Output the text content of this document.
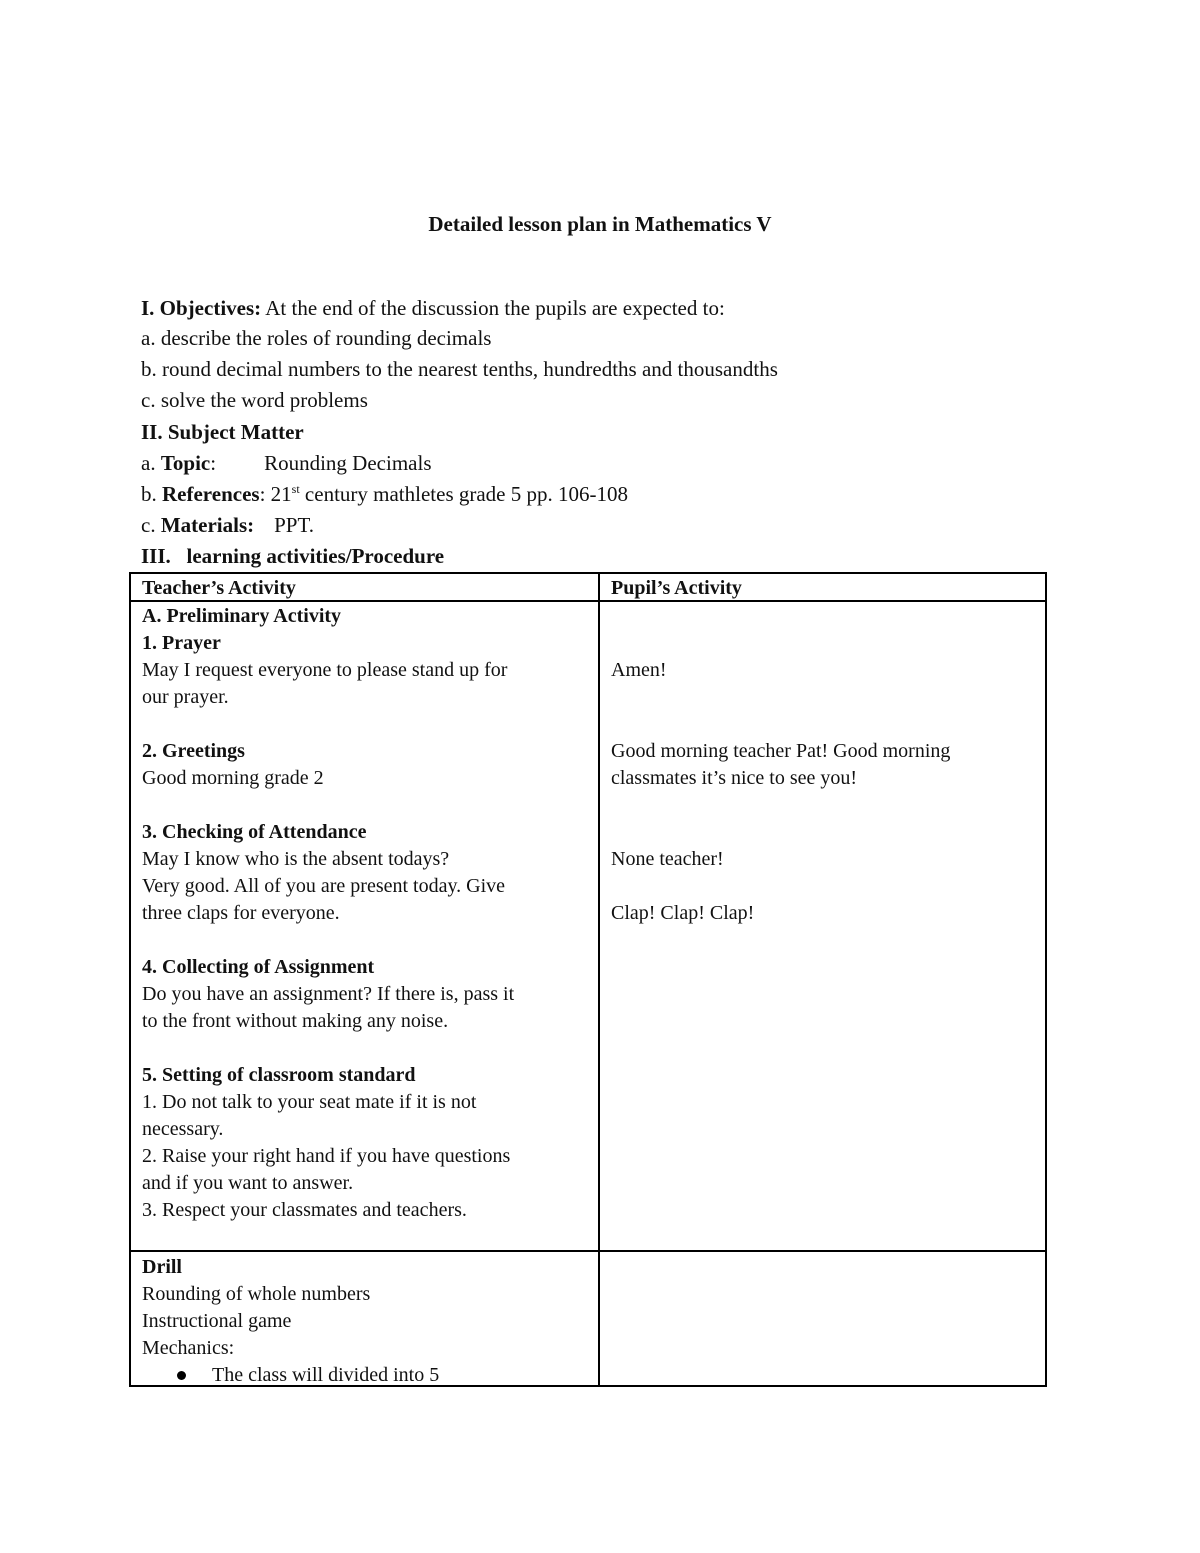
Detailed lesson plan in Mathematics V
I. Objectives: At the end of the discussion the pupils are expected to:
a. describe the roles of rounding decimals
b. round decimal numbers to the nearest tenths, hundredths and thousandths
c. solve the word problems
II. Subject Matter
a. Topic: Rounding Decimals
b. References: 21st century mathletes grade 5 pp. 106-108
c. Materials: PPT.
III.   learning activities/Procedure
Teacher’s Activity	Pupil’s Activity

A. Preliminary Activity

1. Prayer

May I request everyone to please stand up for

our prayer.

2. Greetings

Good morning grade 2

3. Checking of Attendance

May I know who is the absent todays?

Very good. All of you are present today. Give

three claps for everyone.

4. Collecting of Assignment

Do you have an assignment? If there is, pass it

to the front without making any noise.

5. Setting of classroom standard

1. Do not talk to your seat mate if it is not

necessary.

2. Raise your right hand if you have questions

and if you want to answer.

3. Respect your classmates and teachers.

Amen!

Good morning teacher Pat! Good morning

classmates it’s nice to see you!

None teacher!

Clap! Clap! Clap!

Drill

Rounding of whole numbers

Instructional game

Mechanics:

The class will divided into 5
